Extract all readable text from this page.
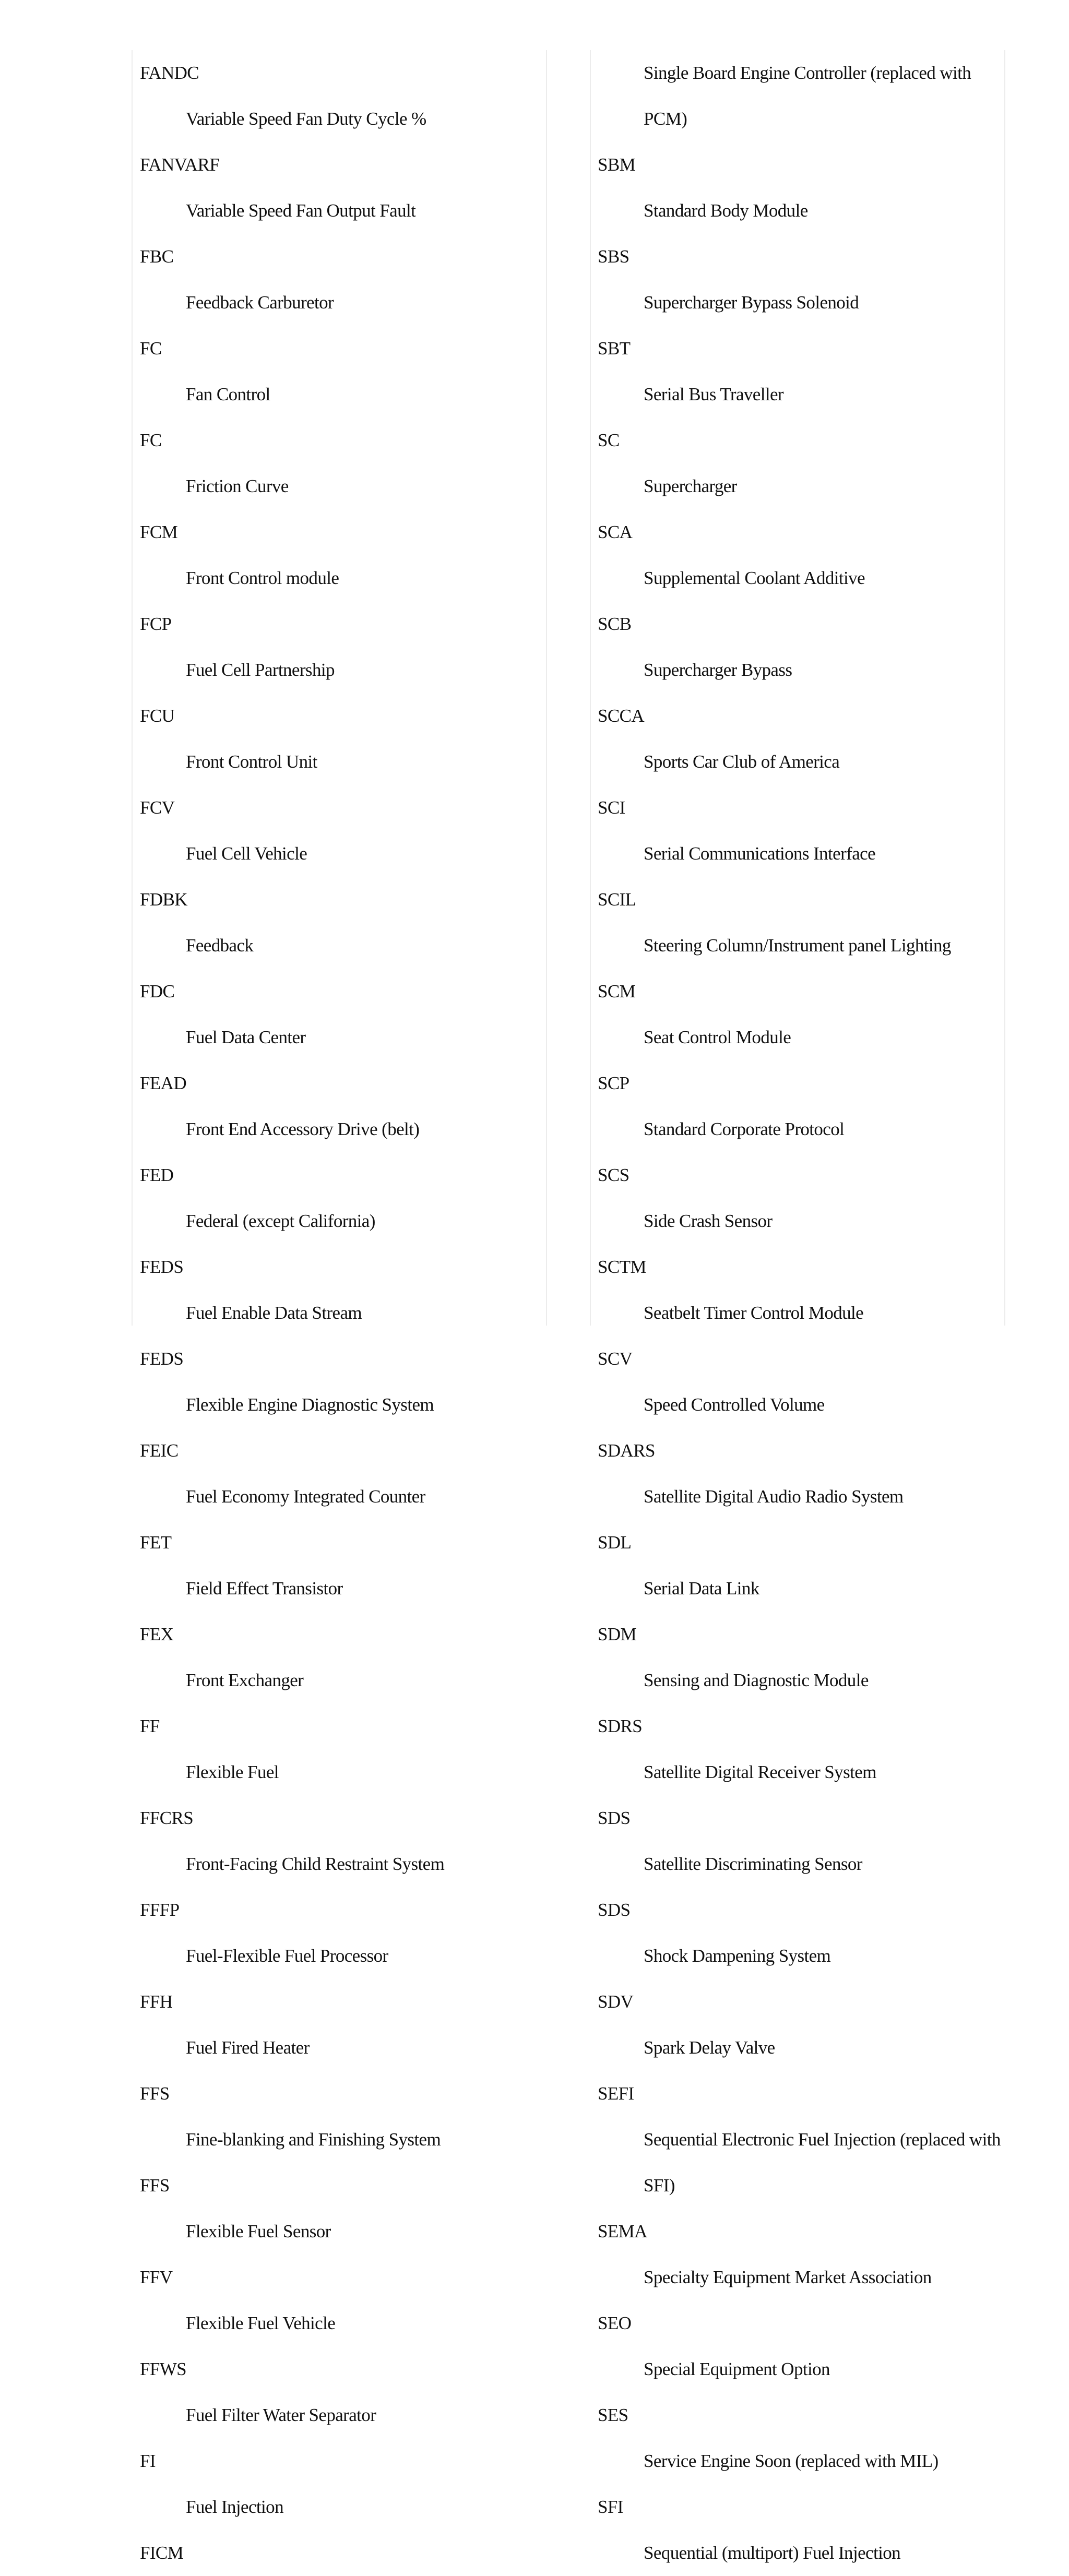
FANDC
Variable Speed Fan Duty Cycle %
FANVARF
Variable Speed Fan Output Fault
FBC
Feedback Carburetor
FC
Fan Control
FC
Friction Curve
FCM
Front Control module
FCP
Fuel Cell Partnership
FCU
Front Control Unit
FCV
Fuel Cell Vehicle
FDBK
Feedback
FDC
Fuel Data Center
FEAD
Front End Accessory Drive (belt)
FED
Federal (except California)
FEDS
Fuel Enable Data Stream
FEDS
Flexible Engine Diagnostic System
FEIC
Fuel Economy Integrated Counter
FET
Field Effect Transistor
FEX
Front Exchanger
FF
Flexible Fuel
FFCRS
Front-Facing Child Restraint System
FFFP
Fuel-Flexible Fuel Processor
FFH
Fuel Fired Heater
FFS
Fine-blanking and Finishing System
FFS
Flexible Fuel Sensor
FFV
Flexible Fuel Vehicle
FFWS
Fuel Filter Water Separator
FI
Fuel Injection
FICM
Single Board Engine Controller (replaced with
PCM)
SBM
Standard Body Module
SBS
Supercharger Bypass Solenoid
SBT
Serial Bus Traveller
SC
Supercharger
SCA
Supplemental Coolant Additive
SCB
Supercharger Bypass
SCCA
Sports Car Club of America
SCI
Serial Communications Interface
SCIL
Steering Column/Instrument panel Lighting
SCM
Seat Control Module
SCP
Standard Corporate Protocol
SCS
Side Crash Sensor
SCTM
Seatbelt Timer Control Module
SCV
Speed Controlled Volume
SDARS
Satellite Digital Audio Radio System
SDL
Serial Data Link
SDM
Sensing and Diagnostic Module
SDRS
Satellite Digital Receiver System
SDS
Satellite Discriminating Sensor
SDS
Shock Dampening System
SDV
Spark Delay Valve
SEFI
Sequential Electronic Fuel Injection (replaced with
SFI)
SEMA
Specialty Equipment Market Association
SEO
Special Equipment Option
SES
Service Engine Soon (replaced with MIL)
SFI
Sequential (multiport) Fuel Injection
